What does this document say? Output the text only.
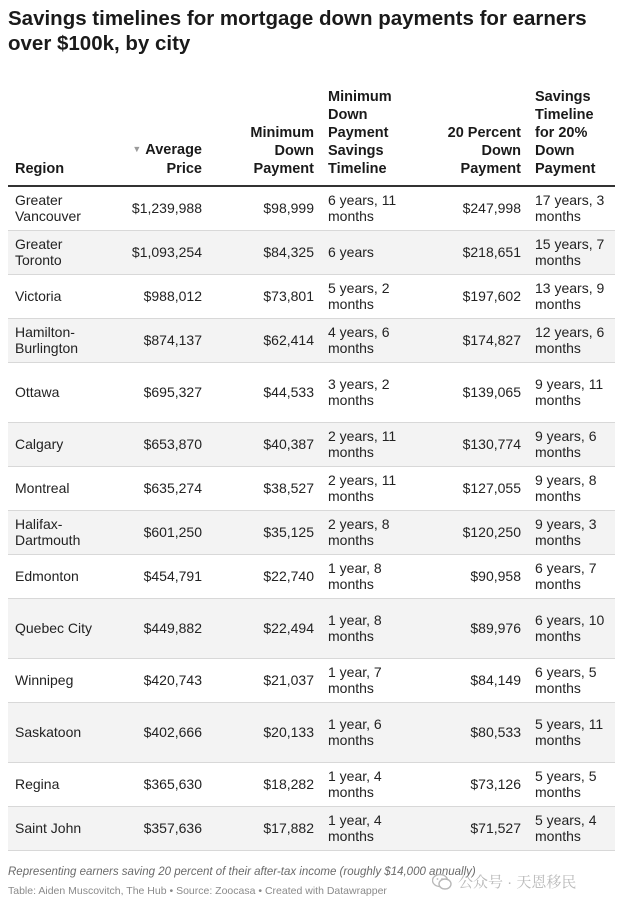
Savings timelines for mortgage down payments for earners over $100k, by city
Region	▼ Average Price	Minimum Down Payment	Minimum Down Payment Savings Timeline	20 Percent Down Payment	Savings Timeline for 20% Down Payment
Greater Vancouver	$1,239,988	$98,999	6 years, 11 months	$247,998	17 years, 3 months
Greater Toronto	$1,093,254	$84,325	6 years	$218,651	15 years, 7 months
Victoria	$988,012	$73,801	5 years, 2 months	$197,602	13 years, 9 months
Hamilton-Burlington	$874,137	$62,414	4 years, 6 months	$174,827	12 years, 6 months
Ottawa	$695,327	$44,533	3 years, 2 months	$139,065	9 years, 11 months
Calgary	$653,870	$40,387	2 years, 11 months	$130,774	9 years, 6 months
Montreal	$635,274	$38,527	2 years, 11 months	$127,055	9 years, 8 months
Halifax-Dartmouth	$601,250	$35,125	2 years, 8 months	$120,250	9 years, 3 months
Edmonton	$454,791	$22,740	1 year, 8 months	$90,958	6 years, 7 months
Quebec City	$449,882	$22,494	1 year, 8 months	$89,976	6 years, 10 months
Winnipeg	$420,743	$21,037	1 year, 7 months	$84,149	6 years, 5 months
Saskatoon	$402,666	$20,133	1 year, 6 months	$80,533	5 years, 11 months
Regina	$365,630	$18,282	1 year, 4 months	$73,126	5 years, 5 months
Saint John	$357,636	$17,882	1 year, 4 months	$71,527	5 years, 4 months
Representing earners saving 20 percent of their after-tax income (roughly $14,000 annually)
Table: Aiden Muscovitch, The Hub • Source: Zoocasa • Created with Datawrapper	公众号 · 天恩移民
